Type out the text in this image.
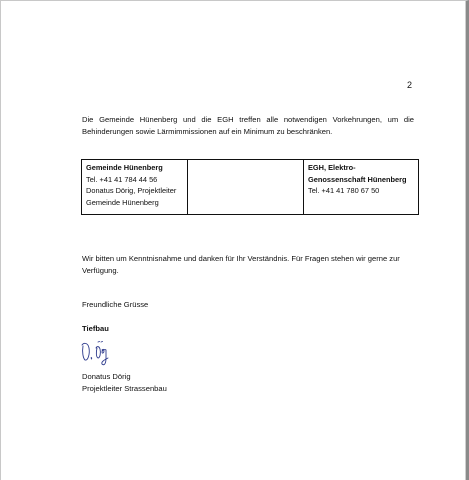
2
Die Gemeinde Hünenberg und die EGH treffen alle notwendigen Vorkehrungen, um die Behinderungen sowie Lärmimmissionen auf ein Minimum zu beschränken.
Gemeinde Hünenberg
Tel. +41 41 784 44 56
Donatus Dörig, Projektleiter
Gemeinde Hünenberg
EGH, Elektro-
Genossenschaft Hünenberg
Tel. +41 41 780 67 50
Wir bitten um Kenntnisnahme und danken für Ihr Verständnis. Für Fragen stehen wir gerne zur Verfügung.
Freundliche Grüsse
Tiefbau
Donatus Dörig
Projektleiter Strassenbau
